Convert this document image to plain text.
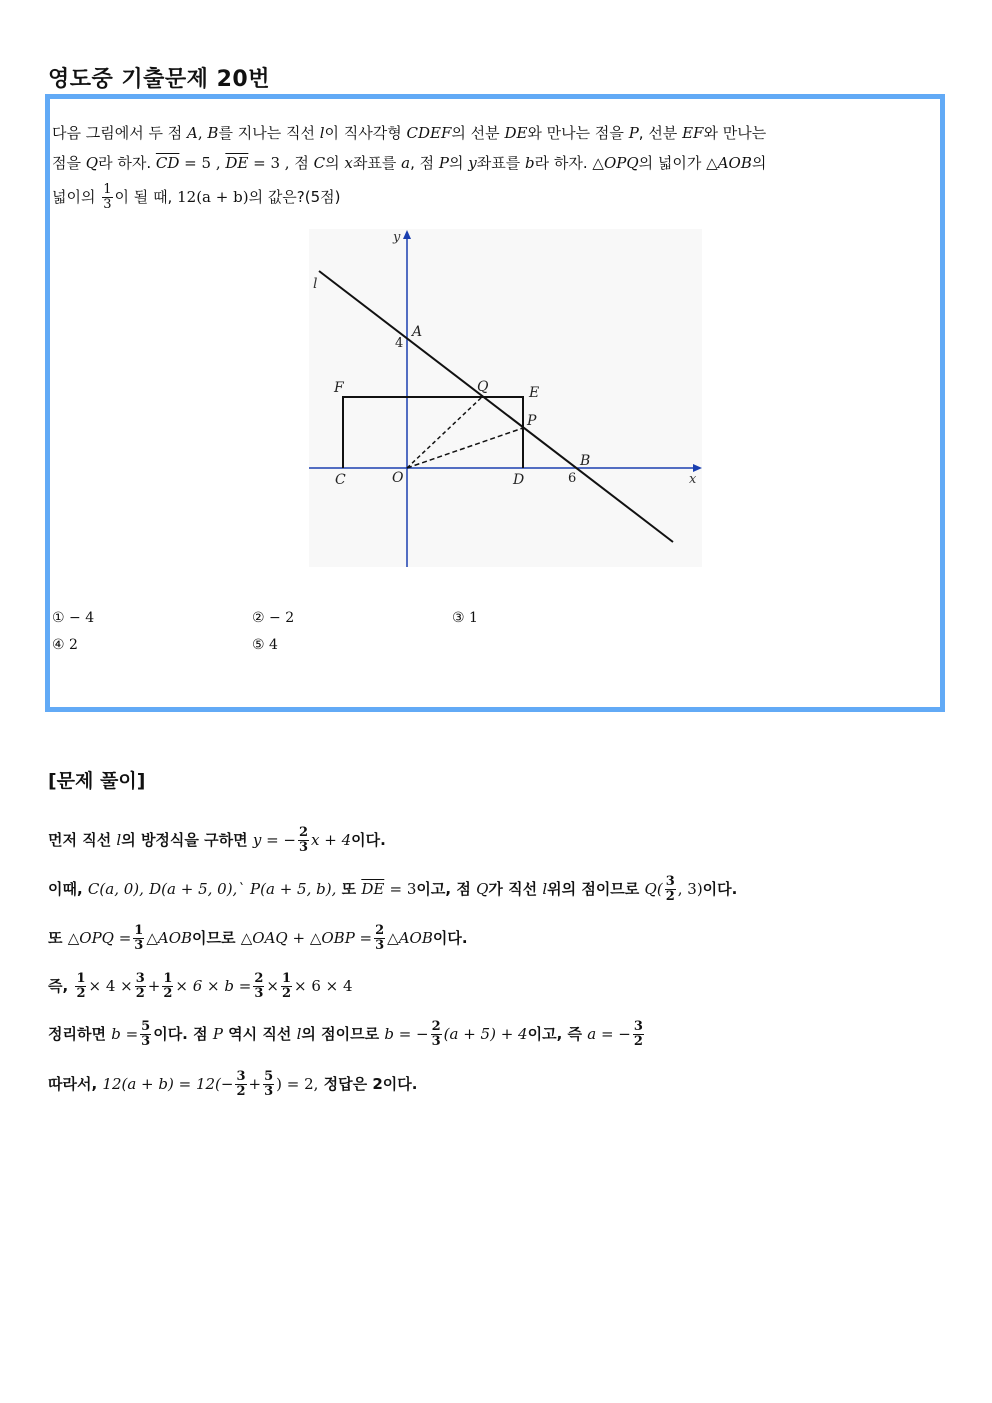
영도중 기출문제 20번
다음 그림에서 두 점 A, B를 지나는 직선 l이 직사각형 CDEF의 선분 DE와 만나는 점을 P, 선분 EF와 만나는
점을 Q라 하자. $\overline{CD} = 5$ , $\overline{DE} = 3$ , 점 C의 x좌표를 a, 점 P의 y좌표를 b라 하자. △OPQ의 넓이가 △AOB의
넓이의 $\frac{1}{3}$ 이 될 때, 12(a + b)의 값은?(5점)
y
x
l
A
4
F	Q	E
P
B
6
C	O	D
① − 4	② − 2	③ 1
④ 2	⑤ 4
[문제 풀이]
먼저 직선 l의 방정식을 구하면 y = − $\frac{2}{3}$ x + 4이다.
이때, C(a, 0), D(a + 5, 0),` P(a + 5, b), 또 $\overline{DE} = 3$이고, 점 Q가 직선 l위의 점이므로 $Q( \frac{3}{2}$ , 3)이다.
또 △OPQ = $\frac{1}{3}$ △AOB이므로 △OAQ + △OBP = $\frac{2}{3}$ △AOB이다.
즉, $\frac{1}{2} \times 4 \times \frac{3}{2} + \frac{1}{2} \times 6 \times b = \frac{2}{3} \times \frac{1}{2} \times 6 \times 4$
정리하면 $b = \frac{5}{3}$ 이다. 점 P 역시 직선 l의 점이므로 b = − $\frac{2}{3} (a + 5) + 4$이고, 즉 a = − $\frac{3}{2}$
따라서, $12(a + b) = 12(- \frac{3}{2} + \frac{5}{3}$ ) = 2, 정답은 2이다.
